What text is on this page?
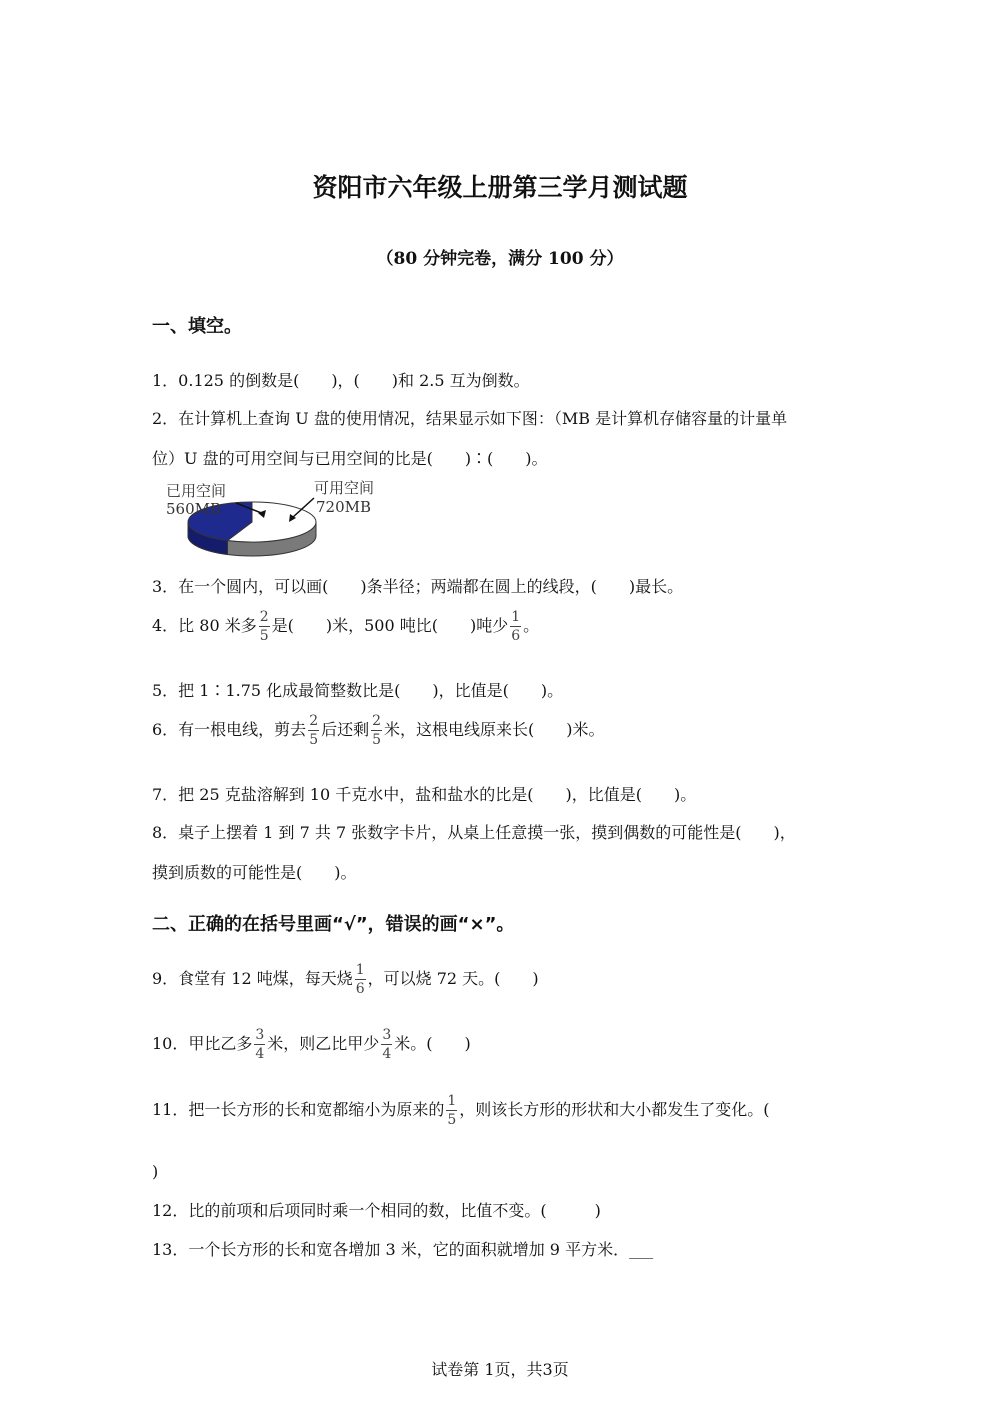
资阳市六年级上册第三学月测试题
（80 分钟完卷，满分 100 分）
一、填空。
1．0.125 的倒数是(　　)，(　　)和 2.5 互为倒数。
2．在计算机上查询 U 盘的使用情况，结果显示如下图：（MB 是计算机存储容量的计量单
位）U 盘的可用空间与已用空间的比是(　　)∶(　　)。
已用空间
560MB
可用空间
720MB
3．在一个圆内，可以画(　　)条半径；两端都在圆上的线段，(　　)最长。
4．比 80 米多 $\frac{2}{5}$ 是(　　)米，500 吨比(　　)吨少 $\frac{1}{6}$ 。
5．把 1∶1.75 化成最简整数比是(　　)，比值是(　　)。
6．有一根电线，剪去 $\frac{2}{5}$ 后还剩 $\frac{2}{5}$ 米，这根电线原来长(　　)米。
7．把 25 克盐溶解到 10 千克水中，盐和盐水的比是(　　)，比值是(　　)。
8．桌子上摆着 1 到 7 共 7 张数字卡片，从桌上任意摸一张，摸到偶数的可能性是(　　)，
摸到质数的可能性是(　　)。
二、正确的在括号里画“√”，错误的画“×”。
9．食堂有 12 吨煤，每天烧 $\frac{1}{6}$ ，可以烧 72 天。(　　)
10．甲比乙多 $\frac{3}{4}$ 米，则乙比甲少 $\frac{3}{4}$ 米。(　　)
11．把一长方形的长和宽都缩小为原来的 $\frac{1}{5}$ ，则该长方形的形状和大小都发生了变化。(
)
12．比的前项和后项同时乘一个相同的数，比值不变。(　　　)
13．一个长方形的长和宽各增加 3 米，它的面积就增加 9 平方米．___
试卷第 1页，共3页
